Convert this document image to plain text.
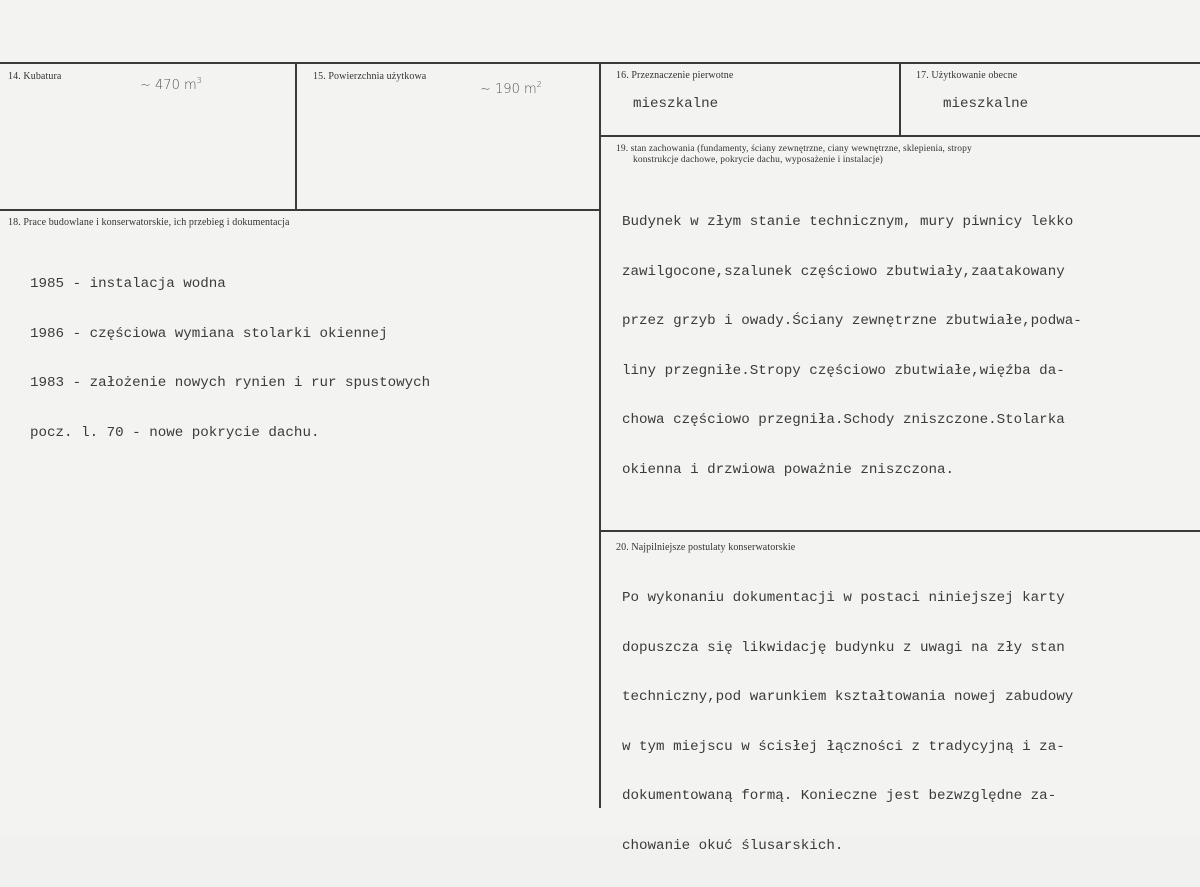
14. Kubatura
~ 470 $m^3$	15. Powierzchnia użytkowa
~ 190 $m^2$
16. Przeznaczenie pierwotne
mieszkalne
17. Użytkowanie obecne
mieszkalne
19. stan zachowania (fundamenty, ściany zewnętrzne, ciany wewnętrzne, sklepienia, stropy
konstrukcje dachowe, pokrycie dachu, wyposażenie i instalacje)

Budynek w złym stanie technicznym, mury piwnicy lekko

zawilgocone,szalunek częściowo zbutwiały,zaatakowany

przez grzyb i owady.Ściany zewnętrzne zbutwiałe,podwa-

liny przegniłe.Stropy częściowo zbutwiałe,więźba da-

chowa częściowo przegniła.Schody zniszczone.Stolarka

okienna i drzwiowa poważnie zniszczona.

18. Prace budowlane i konserwatorskie, ich przebieg i dokumentacja

1985 - instalacja wodna

1986 - częściowa wymiana stolarki okiennej

1983 - założenie nowych rynien i rur spustowych

pocz. l. 70 - nowe pokrycie dachu.

20. Najpilniejsze postulaty konserwatorskie

Po wykonaniu dokumentacji w postaci niniejszej karty

dopuszcza się likwidację budynku z uwagi na zły stan

techniczny,pod warunkiem kształtowania nowej zabudowy

w tym miejscu w ścisłej łączności z tradycyjną i za-

dokumentowaną formą. Konieczne jest bezwzględne za-

chowanie okuć ślusarskich.
